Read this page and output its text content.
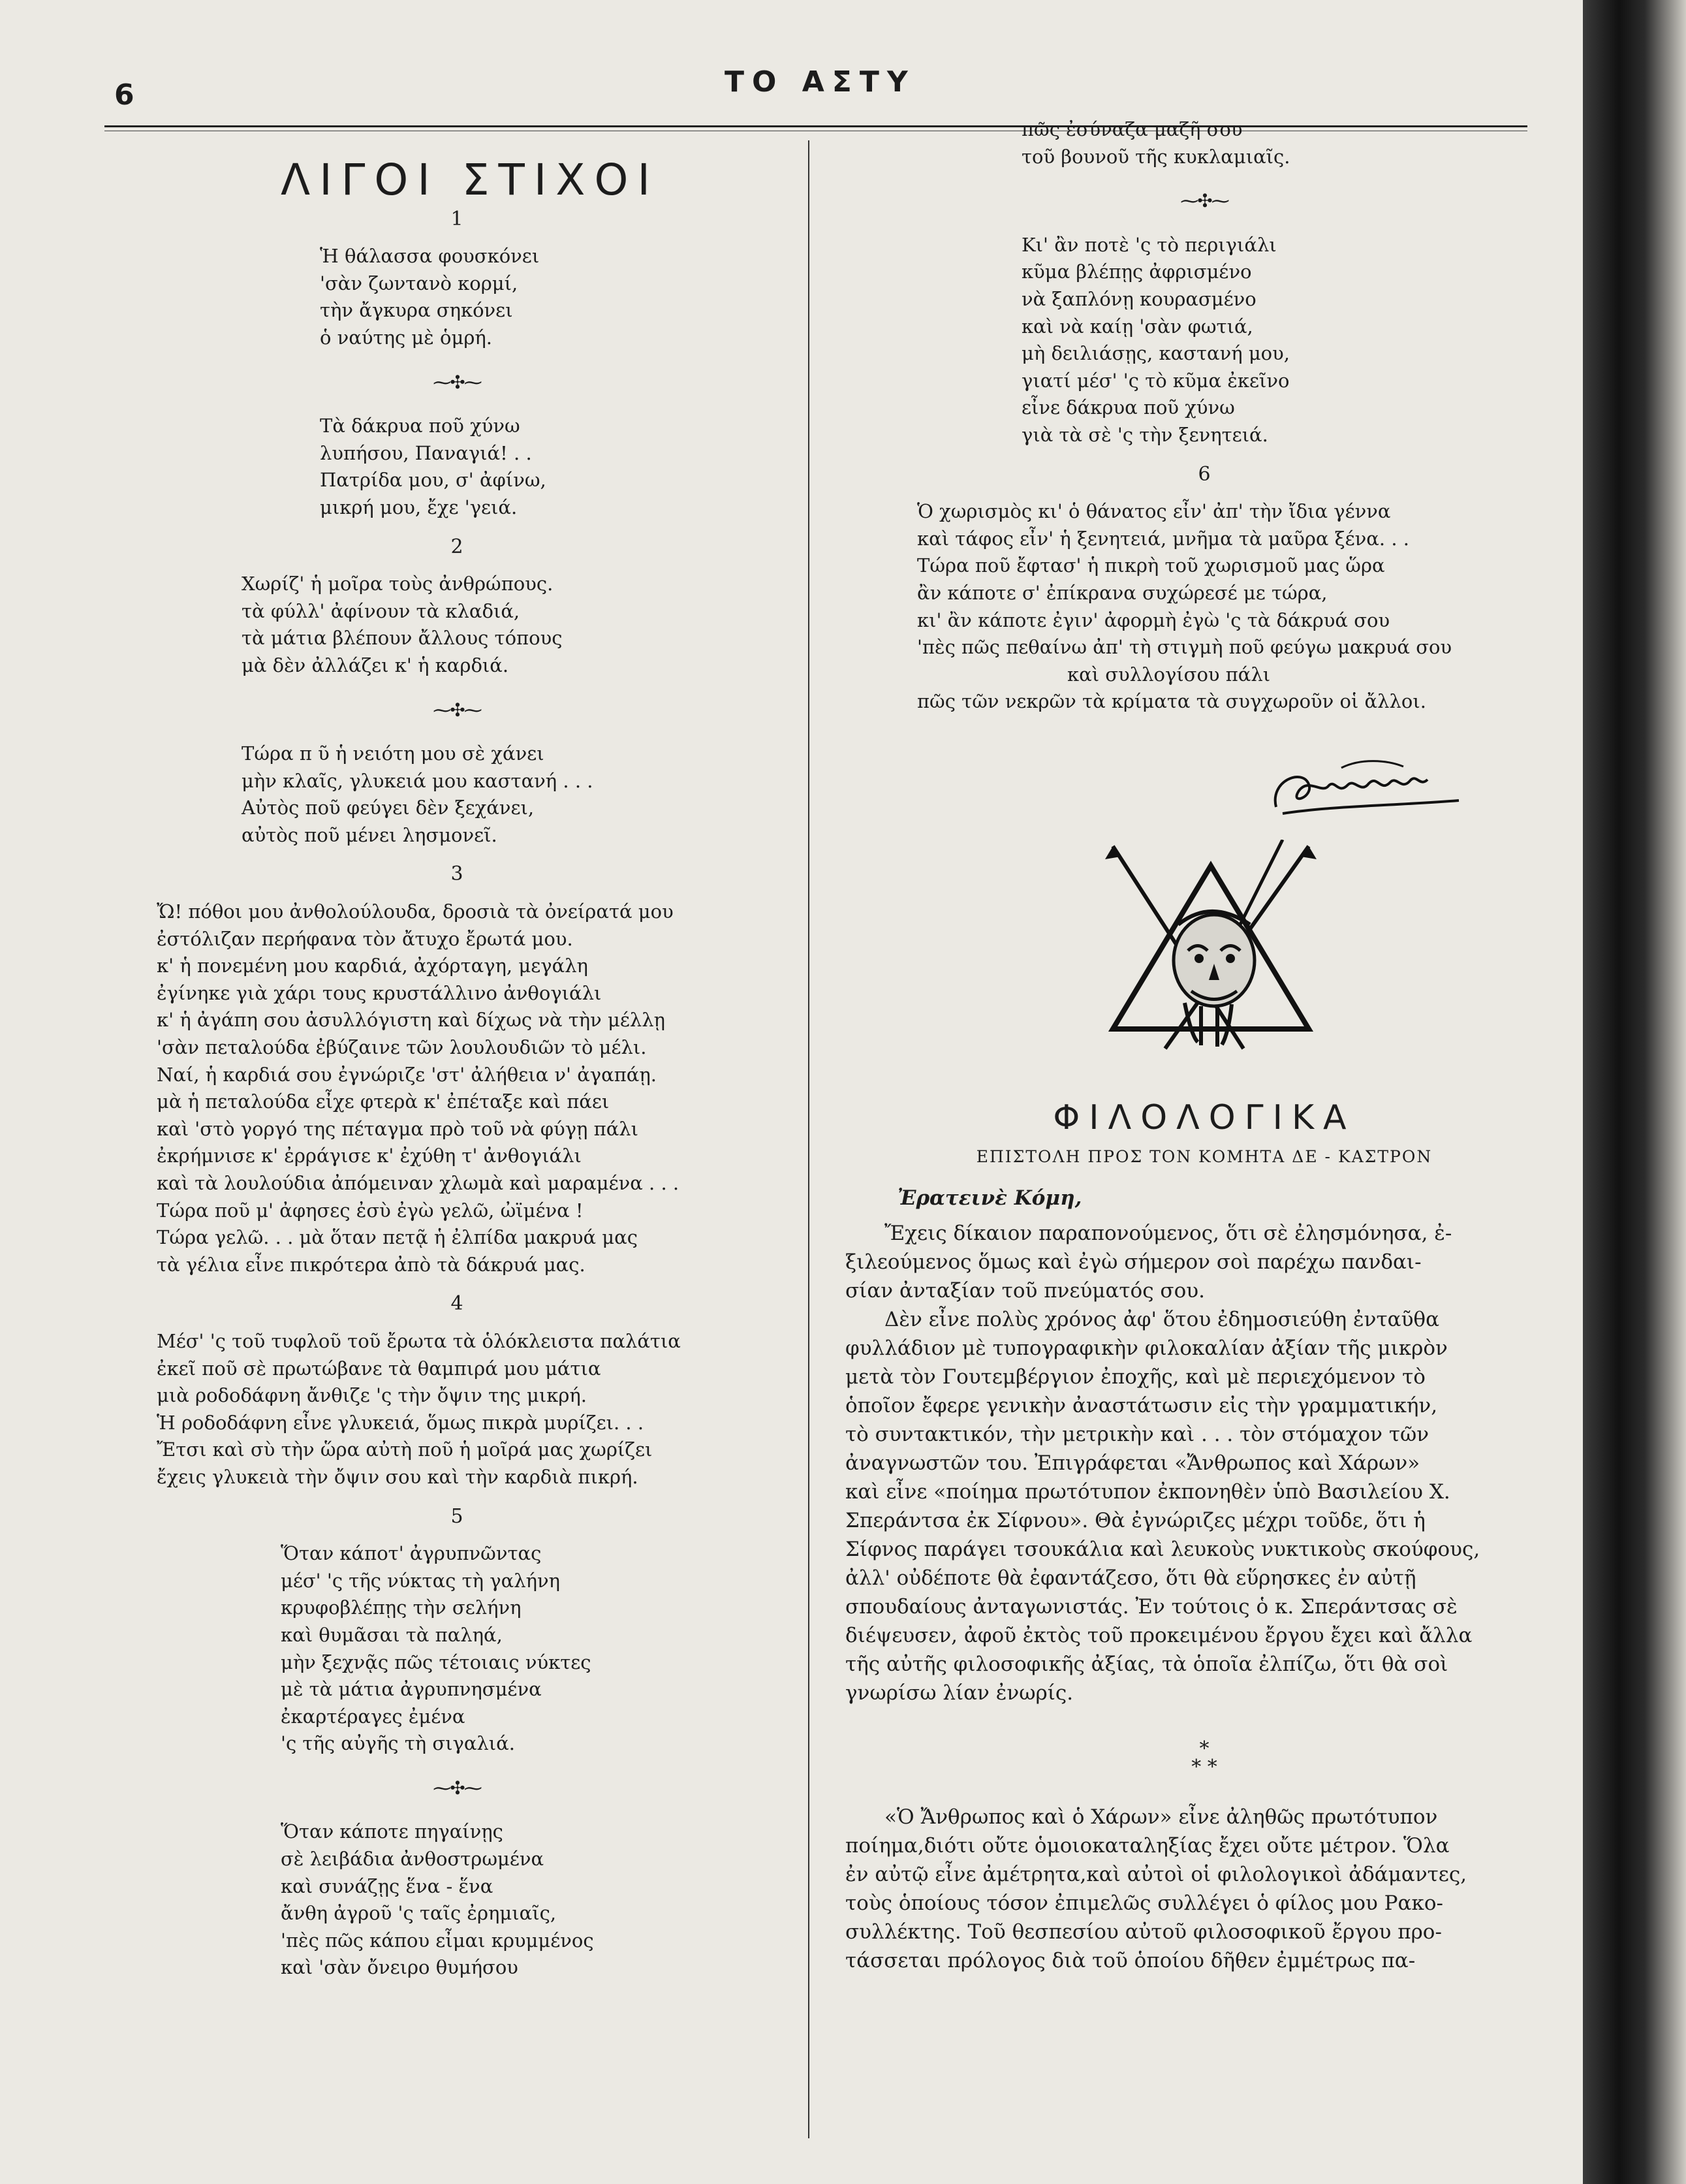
6	ΤΟ ΑΣΤΥ
ΛΙΓΟΙ ΣΤΙΧΟΙ
1
Ἡ θάλασσα φουσκόνει
'σὰν ζωντανὸ κορμί,
τὴν ἄγκυρα σηκόνει
ὁ ναύτης μὲ ὁμρή.
⁓✣⁓
Τὰ δάκρυα ποῦ χύνω
λυπήσου, Παναγιά! . .
Πατρίδα μου, σ' ἀφίνω,
μικρή μου, ἔχε 'γειά.
2
Χωρίζ' ἡ μοῖρα τοὺς ἀνθρώπους.
τὰ φύλλ' ἀφίνουν τὰ κλαδιά,
τὰ μάτια βλέπουν ἄλλους τόπους
μὰ δὲν ἀλλάζει κ' ἡ καρδιά.
⁓✣⁓
Τώρα π ῦ ἡ νειότη μου σὲ χάνει
μὴν κλαῖς, γλυκειά μου καστανή . . .
Αὐτὸς ποῦ φεύγει δὲν ξεχάνει,
αὐτὸς ποῦ μένει λησμονεῖ.
3
Ὤ! πόθοι μου ἀνθολούλουδα, δροσιὰ τὰ ὀνείρατά μου
ἐστόλιζαν περήφανα τὸν ἄτυχο ἔρωτά μου.
κ' ἡ πονεμένη μου καρδιά, ἀχόρταγη, μεγάλη
ἐγίνηκε γιὰ χάρι τους κρυστάλλινο ἀνθογιάλι
κ' ἡ ἀγάπη σου ἀσυλλόγιστη καὶ δίχως νὰ τὴν μέλλῃ
'σὰν πεταλούδα ἐβύζαινε τῶν λουλουδιῶν τὸ μέλι.
Ναί, ἡ καρδιά σου ἐγνώριζε 'στ' ἀλήθεια ν' ἀγαπάῃ.
μὰ ἡ πεταλούδα εἶχε φτερὰ κ' ἐπέταξε καὶ πάει
καὶ 'στὸ γοργό της πέταγμα πρὸ τοῦ νὰ φύγῃ πάλι
ἐκρήμνισε κ' ἐρράγισε κ' ἐχύθη τ' ἀνθογιάλι
καὶ τὰ λουλούδια ἀπόμειναν χλωμὰ καὶ μαραμένα . . .
Τώρα ποῦ μ' ἀφησες ἐσὺ ἐγὼ γελῶ, ὠϊμένα !
Τώρα γελῶ. . . μὰ ὅταν πετᾷ ἡ ἐλπίδα μακρυά μας
τὰ γέλια εἶνε πικρότερα ἀπὸ τὰ δάκρυά μας.
4
Μέσ' 'ς τοῦ τυφλοῦ τοῦ ἔρωτα τὰ ὁλόκλειστα παλάτια
ἐκεῖ ποῦ σὲ πρωτώβανε τὰ θαμπιρά μου μάτια
μιὰ ροδοδάφνη ἄνθιζε 'ς τὴν ὄψιν της μικρή.
Ἡ ροδοδάφνη εἶνε γλυκειά, ὅμως πικρὰ μυρίζει. . .
Ἔτσι καὶ σὺ τὴν ὥρα αὐτὴ ποῦ ἡ μοῖρά μας χωρίζει
ἔχεις γλυκειὰ τὴν ὄψιν σου καὶ τὴν καρδιὰ πικρή.
5
Ὅταν κάποτ' ἀγρυπνῶντας
μέσ' 'ς τῆς νύκτας τὴ γαλήνη
κρυφοβλέπῃς τὴν σελήνη
καὶ θυμᾶσαι τὰ παληά,
μὴν ξεχνᾷς πῶς τέτοιαις νύκτες
μὲ τὰ μάτια ἀγρυπνησμένα
ἐκαρτέραγες ἐμένα
'ς τῆς αὐγῆς τὴ σιγαλιά.
⁓✣⁓
Ὅταν κάποτε πηγαίνῃς
σὲ λειβάδια ἀνθοστρωμένα
καὶ συνάζῃς ἕνα - ἕνα
ἄνθη ἀγροῦ 'ς ταῖς ἐρημιαῖς,
'πὲς πῶς κάπου εἶμαι κρυμμένος
καὶ 'σὰν ὄνειρο θυμήσου
πῶς ἐσύναζα μαζῆ σου
τοῦ βουνοῦ τῆς κυκλαμιαῖς.
⁓✣⁓
Κι' ἂν ποτὲ 'ς τὸ περιγιάλι
κῦμα βλέπῃς ἀφρισμένο
νὰ ξαπλόνῃ κουρασμένο
καὶ νὰ καίῃ 'σὰν φωτιά,
μὴ δειλιάσῃς, καστανή μου,
γιατί μέσ' 'ς τὸ κῦμα ἐκεῖνο
εἶνε δάκρυα ποῦ χύνω
γιὰ τὰ σὲ 'ς τὴν ξενητειά.
6
Ὁ χωρισμὸς κι' ὁ θάνατος εἶν' ἀπ' τὴν ἴδια γέννα
καὶ τάφος εἶν' ἡ ξενητειά, μνῆμα τὰ μαῦρα ξένα. . .
Τώρα ποῦ ἔφτασ' ἡ πικρὴ τοῦ χωρισμοῦ μας ὥρα
ἂν κάποτε σ' ἐπίκρανα συχώρεσέ με τώρα,
κι' ἂν κάποτε ἐγιν' ἀφορμὴ ἐγὼ 'ς τὰ δάκρυά σου
'πὲς πῶς πεθαίνω ἀπ' τὴ στιγμὴ ποῦ φεύγω μακρυά σου
καὶ συλλογίσου πάλι
πῶς τῶν νεκρῶν τὰ κρίματα τὰ συγχωροῦν οἱ ἄλλοι.
ΦΙΛΟΛΟΓΙΚΑ
ΕΠΙΣΤΟΛΗ ΠΡΟΣ ΤΟΝ ΚΟΜΗΤΑ ΔΕ - ΚΑΣΤΡΟΝ
Ἐρατεινὲ Κόμη,
Ἔχεις δίκαιον παραπονούμενος, ὅτι σὲ ἐλησμόνησα, ἐ-
ξιλεούμενος ὅμως καὶ ἐγὼ σήμερον σοὶ παρέχω πανδαι-
σίαν ἀνταξίαν τοῦ πνεύματός σου.
Δὲν εἶνε πολὺς χρόνος ἀφ' ὅτου ἐδημοσιεύθη ἐνταῦθα
φυλλάδιον μὲ τυπογραφικὴν φιλοκαλίαν ἀξίαν τῆς μικρὸν
μετὰ τὸν Γουτεμβέργιον ἐποχῆς, καὶ μὲ περιεχόμενον τὸ
ὁποῖον ἔφερε γενικὴν ἀναστάτωσιν εἰς τὴν γραμματικήν,
τὸ συντακτικόν, τὴν μετρικὴν καὶ . . . τὸν στόμαχον τῶν
ἀναγνωστῶν του. Ἐπιγράφεται «Ἄνθρωπος καὶ Χάρων»
καὶ εἶνε «ποίημα πρωτότυπον ἐκπονηθὲν ὑπὸ Βασιλείου Χ.
Σπεράντσα ἐκ Σίφνου». Θὰ ἐγνώριζες μέχρι τοῦδε, ὅτι ἡ
Σίφνος παράγει τσουκάλια καὶ λευκοὺς νυκτικοὺς σκούφους,
ἀλλ' οὐδέποτε θὰ ἐφαντάζεσο, ὅτι θὰ εὕρησκες ἐν αὐτῇ
σπουδαίους ἀνταγωνιστάς. Ἐν τούτοις ὁ κ. Σπεράντσας σὲ
διέψευσεν, ἀφοῦ ἐκτὸς τοῦ προκειμένου ἔργου ἔχει καὶ ἄλλα
τῆς αὐτῆς φιλοσοφικῆς ἀξίας, τὰ ὁποῖα ἐλπίζω, ὅτι θὰ σοὶ
γνωρίσω λίαν ἐνωρίς.
*
* *
«Ὁ Ἄνθρωπος καὶ ὁ Χάρων» εἶνε ἀληθῶς πρωτότυπον
ποίημα,διότι οὔτε ὁμοιοκαταληξίας ἔχει οὔτε μέτρον. Ὅλα
ἐν αὐτῷ εἶνε ἀμέτρητα,καὶ αὐτοὶ οἱ φιλολογικοὶ ἀδάμαντες,
τοὺς ὁποίους τόσον ἐπιμελῶς συλλέγει ὁ φίλος μου Ρακο-
συλλέκτης. Τοῦ θεσπεσίου αὐτοῦ φιλοσοφικοῦ ἔργου προ-
τάσσεται πρόλογος διὰ τοῦ ὁποίου δῆθεν ἐμμέτρως πα-
